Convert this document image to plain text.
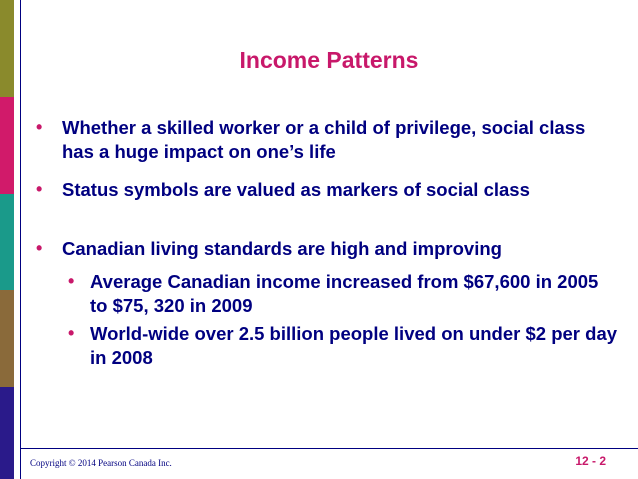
Income Patterns
• Whether a skilled worker or a child of privilege, social class has a huge impact on one’s life
• Status symbols are valued as markers of social class
• Canadian living standards are high and improving
• Average Canadian income increased from $67,600 in 2005 to $75, 320 in 2009
• World-wide over 2.5 billion people lived on under $2 per day in 2008
Copyright © 2014 Pearson Canada Inc.	12 - 2
